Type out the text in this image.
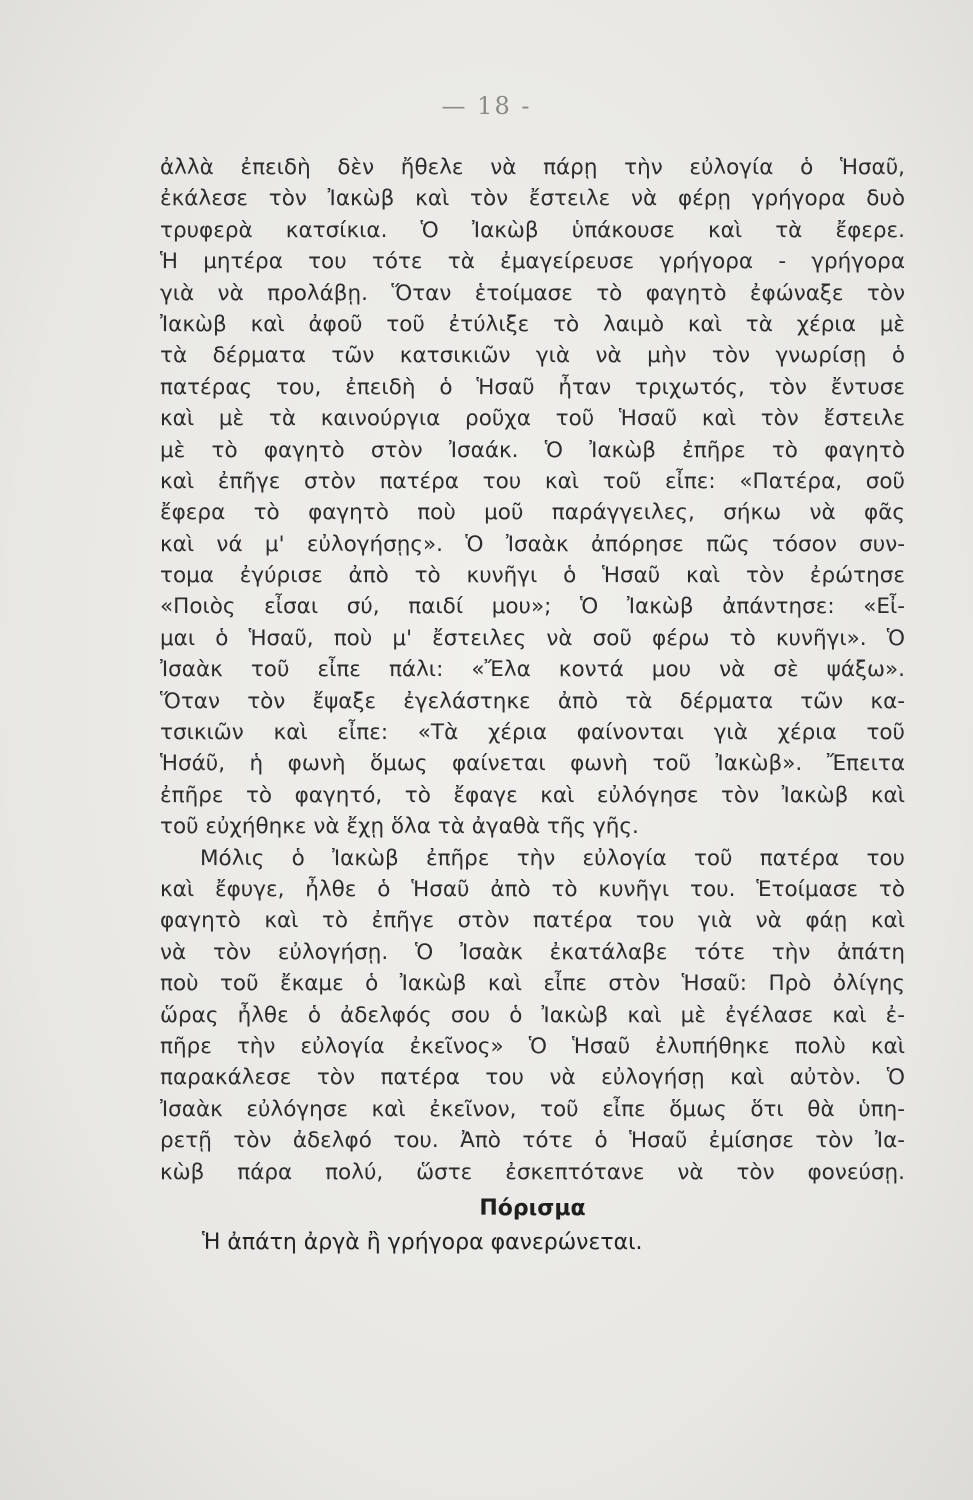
— 18 -
ἀλλὰ ἐπειδὴ δὲν ἤθελε νὰ πάρῃ τὴν εὐλογία ὁ Ἡσαῦ,
ἐκάλεσε τὸν Ἰακὼβ καὶ τὸν ἔστειλε νὰ φέρῃ γρήγορα δυὸ
τρυφερὰ κατσίκια. Ὁ Ἰακὼβ ὑπάκουσε καὶ τὰ ἔφερε.
Ἡ μητέρα του τότε τὰ ἐμαγείρευσε γρήγορα - γρήγορα
γιὰ νὰ προλάβῃ. Ὅταν ἑτοίμασε τὸ φαγητὸ ἐφώναξε τὸν
Ἰακὼβ καὶ ἀφοῦ τοῦ ἐτύλιξε τὸ λαιμὸ καὶ τὰ χέρια μὲ
τὰ δέρματα τῶν κατσικιῶν γιὰ νὰ μὴν τὸν γνωρίσῃ ὁ
πατέρας του, ἐπειδὴ ὁ Ἡσαῦ ἦταν τριχωτός, τὸν ἔντυσε
καὶ μὲ τὰ καινούργια ροῦχα τοῦ Ἡσαῦ καὶ τὸν ἔστειλε
μὲ τὸ φαγητὸ στὸν Ἰσαάκ. Ὁ Ἰακὼβ ἐπῆρε τὸ φαγητὸ
καὶ ἐπῆγε στὸν πατέρα του καὶ τοῦ εἶπε: «Πατέρα, σοῦ
ἔφερα τὸ φαγητὸ ποὺ μοῦ παράγγειλες, σήκω νὰ φᾶς
καὶ νά μ' εὐλογήσῃς». Ὁ Ἰσαὰκ ἀπόρησε πῶς τόσον συν-
τομα ἐγύρισε ἀπὸ τὸ κυνῆγι ὁ Ἡσαῦ καὶ τὸν ἐρώτησε
«Ποιὸς εἶσαι σύ, παιδί μου»; Ὁ Ἰακὼβ ἀπάντησε: «Εἶ-
μαι ὁ Ἡσαῦ, ποὺ μ' ἔστειλες νὰ σοῦ φέρω τὸ κυνῆγι». Ὁ
Ἰσαὰκ τοῦ εἶπε πάλι: «Ἔλα κοντά μου νὰ σὲ ψάξω».
Ὅταν τὸν ἔψαξε ἐγελάστηκε ἀπὸ τὰ δέρματα τῶν κα-
τσικιῶν καὶ εἶπε: «Τὰ χέρια φαίνονται γιὰ χέρια τοῦ
Ἡσάῦ, ἡ φωνὴ ὅμως φαίνεται φωνὴ τοῦ Ἰακὼβ». Ἔπειτα
ἐπῆρε τὸ φαγητό, τὸ ἔφαγε καὶ εὐλόγησε τὸν Ἰακὼβ καὶ
τοῦ εὐχήθηκε νὰ ἔχῃ ὅλα τὰ ἀγαθὰ τῆς γῆς.
Μόλις ὁ Ἰακὼβ ἐπῆρε τὴν εὐλογία τοῦ πατέρα του
καὶ ἔφυγε, ἦλθε ὁ Ἡσαῦ ἀπὸ τὸ κυνῆγι του. Ἑτοίμασε τὸ
φαγητὸ καὶ τὸ ἐπῆγε στὸν πατέρα του γιὰ νὰ φάῃ καὶ
νὰ τὸν εὐλογήσῃ. Ὁ Ἰσαὰκ ἐκατάλαβε τότε τὴν ἀπάτη
ποὺ τοῦ ἔκαμε ὁ Ἰακὼβ καὶ εἶπε στὸν Ἡσαῦ: Πρὸ ὀλίγης
ὥρας ἦλθε ὁ ἀδελφός σου ὁ Ἰακὼβ καὶ μὲ ἐγέλασε καὶ ἐ-
πῆρε τὴν εὐλογία ἐκεῖνος» Ὁ Ἡσαῦ ἐλυπήθηκε πολὺ καὶ
παρακάλεσε τὸν πατέρα του νὰ εὐλογήσῃ καὶ αὐτὸν. Ὁ
Ἰσαὰκ εὐλόγησε καὶ ἐκεῖνον, τοῦ εἶπε ὅμως ὅτι θὰ ὑπη-
ρετῇ τὸν ἀδελφό του. Ἀπὸ τότε ὁ Ἡσαῦ ἐμίσησε τὸν Ἰα-
κὼβ πάρα πολύ, ὥστε ἐσκεπτότανε νὰ τὸν φονεύσῃ.
Πόρισμα
Ἡ ἀπάτη ἀργὰ ἢ γρήγορα φανερώνεται.
